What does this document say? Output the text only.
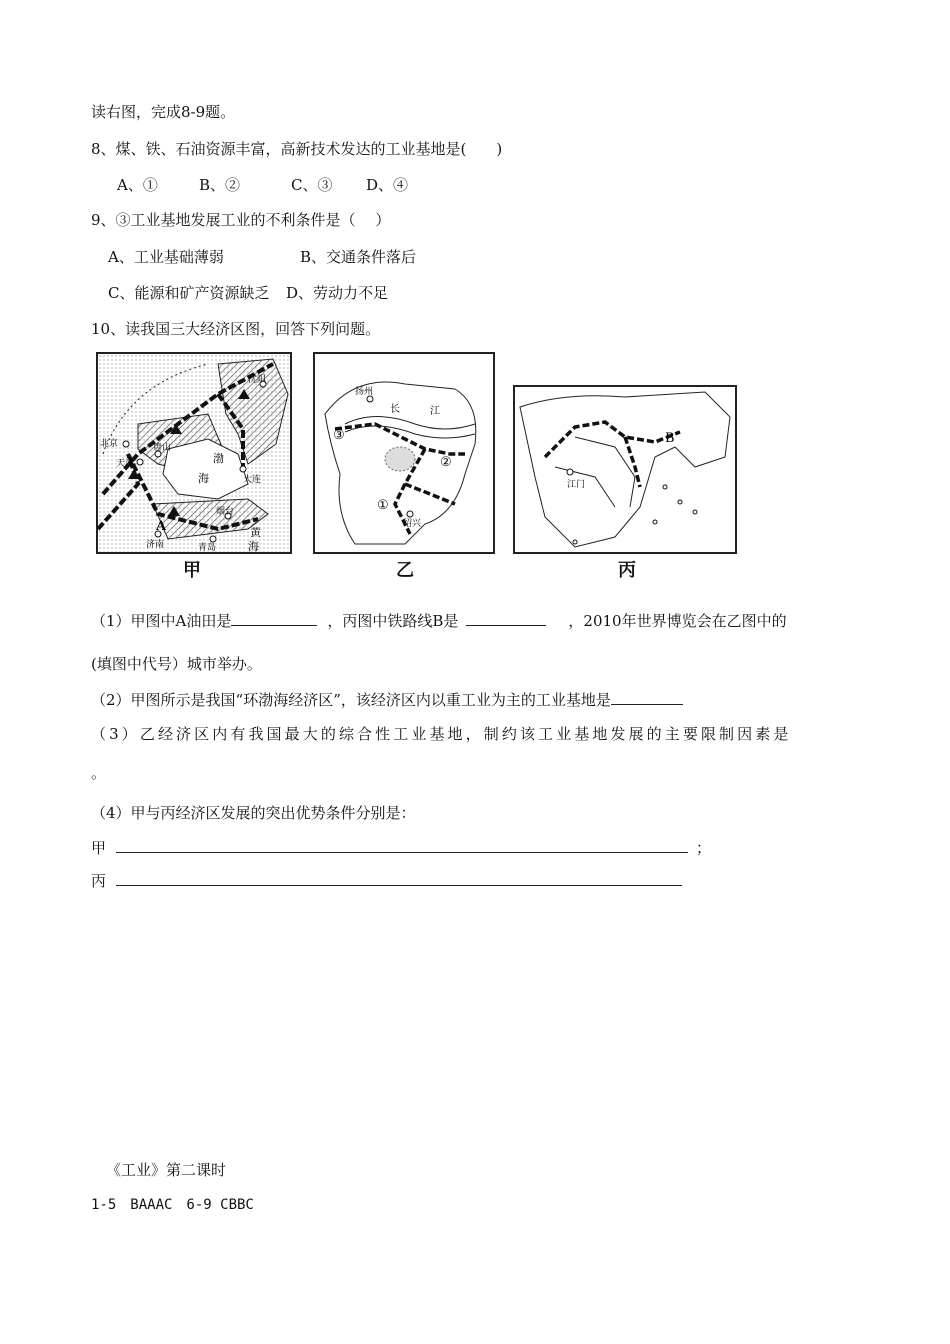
读右图，完成8-9题。
8、煤、铁、石油资源丰富，高新技术发达的工业基地是(　　)
A、①	B、②	C、③ D、④
9、③工业基地发展工业的不利条件是（　 ）
A、工业基础薄弱	B、交通条件落后
C、能源和矿产资源缺乏 D、劳动力不足
10、读我国三大经济区图，回答下列问题。
沈阳
北京
天津
唐山
渤
海	大连
A
烟台
济南	青岛
黄
海
甲
扬州
长	江
③
②
①
绍兴
乙
江门
B
丙
（1）甲图中A油田是	，丙图中铁路线B是	，2010年世界博览会在乙图中的
(填图中代号）城市举办。
（2）甲图所示是我国“环渤海经济区”，该经济区内以重工业为主的工业基地是
（3）乙经济区内有我国最大的综合性工业基地，制约该工业基地发展的主要限制因素是
。
（4）甲与丙经济区发展的突出优势条件分别是：
甲	；
丙
《工业》第二课时
1-5　BAAAC　6-9 CBBC
